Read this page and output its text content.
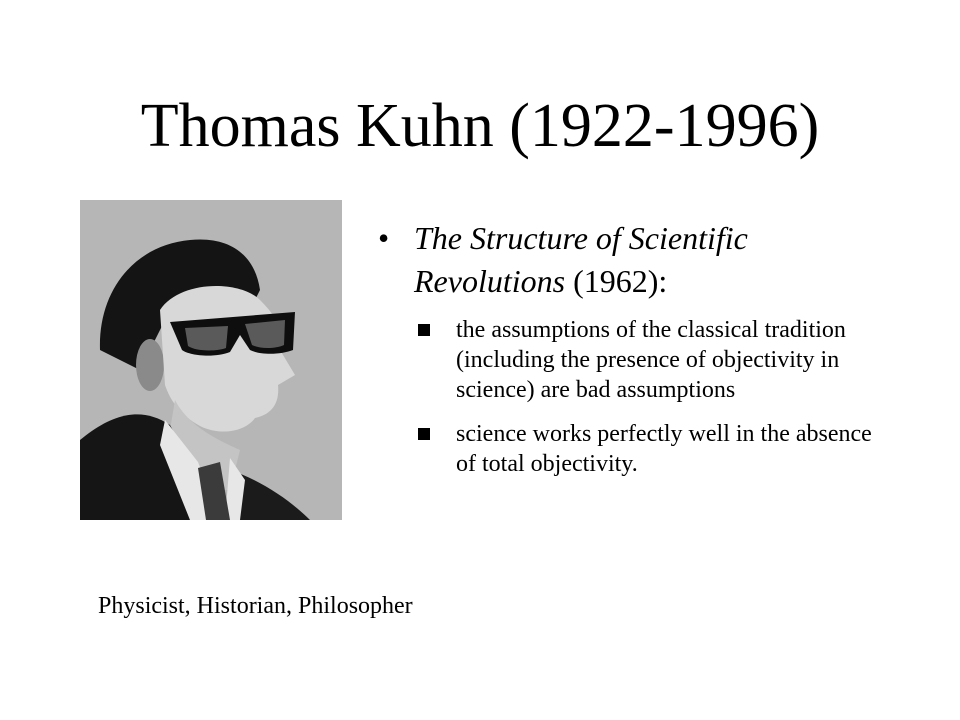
Thomas Kuhn (1922-1996)
• The Structure of Scientific Revolutions (1962):
the assumptions of the classical tradition (including the presence of objectivity in science) are bad assumptions
science works perfectly well in the absence of total objectivity.
Physicist, Historian, Philosopher
